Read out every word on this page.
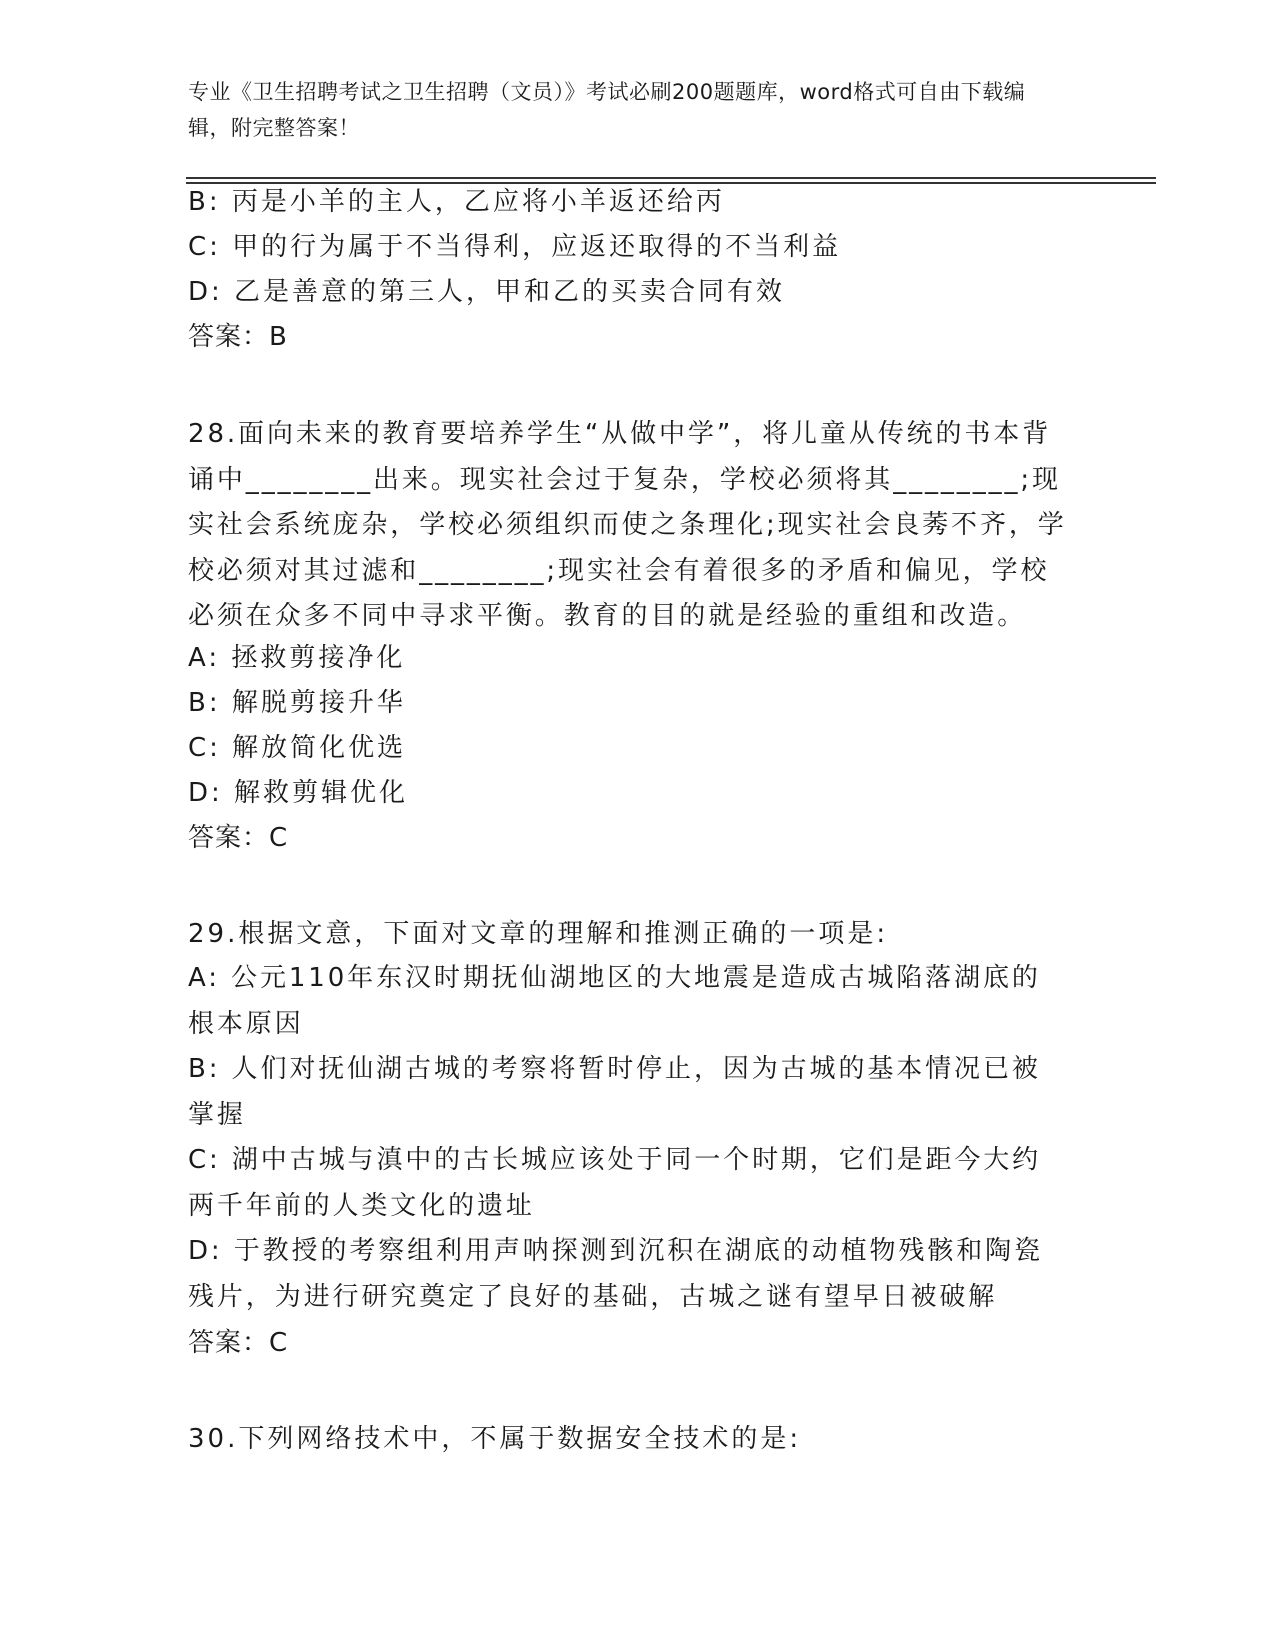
专业《卫生招聘考试之卫生招聘（文员）》考试必刷200题题库，word格式可自由下载编辑，附完整答案！
B: 丙是小羊的主人，乙应将小羊返还给丙
C: 甲的行为属于不当得利，应返还取得的不当利益
D: 乙是善意的第三人，甲和乙的买卖合同有效
答案：B
28.面向未来的教育要培养学生“从做中学”，将儿童从传统的书本背诵中________出来。现实社会过于复杂，学校必须将其________;现实社会系统庞杂，学校必须组织而使之条理化;现实社会良莠不齐，学校必须对其过滤和________;现实社会有着很多的矛盾和偏见，学校必须在众多不同中寻求平衡。教育的目的就是经验的重组和改造。
A: 拯救剪接净化
B: 解脱剪接升华
C: 解放简化优选
D: 解救剪辑优化
答案：C
29.根据文意，下面对文章的理解和推测正确的一项是:
A: 公元110年东汉时期抚仙湖地区的大地震是造成古城陷落湖底的根本原因
B: 人们对抚仙湖古城的考察将暂时停止，因为古城的基本情况已被掌握
C: 湖中古城与滇中的古长城应该处于同一个时期，它们是距今大约两千年前的人类文化的遗址
D: 于教授的考察组利用声呐探测到沉积在湖底的动植物残骸和陶瓷残片，为进行研究奠定了良好的基础，古城之谜有望早日被破解
答案：C
30.下列网络技术中，不属于数据安全技术的是:
